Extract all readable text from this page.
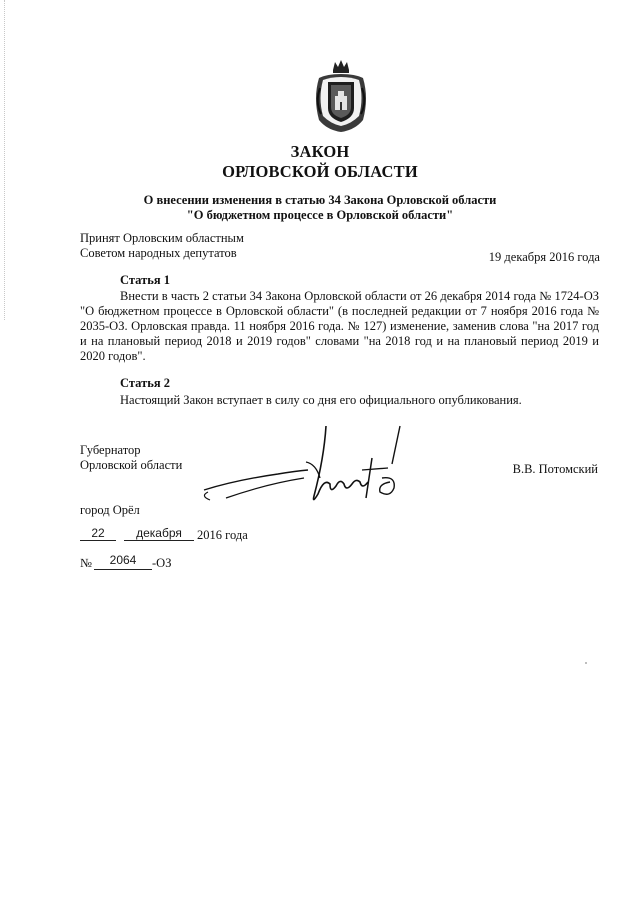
ЗАКОН
ОРЛОВСКОЙ ОБЛАСТИ
О внесении изменения в статью 34 Закона Орловской области
"О бюджетном процессе в Орловской области"
Принят Орловским областным
Советом народных депутатов	19 декабря 2016 года
Статья 1
Внести в часть 2 статьи 34 Закона Орловской области от 26 декабря 2014 года № 1724-ОЗ "О бюджетном процессе в Орловской области" (в последней редакции от 7 ноября 2016 года № 2035-ОЗ. Орловская правда. 11 ноября 2016 года. № 127) изменение, заменив слова "на 2017 год и на плановый период 2018 и 2019 годов" словами "на 2018 год и на плановый период 2019 и 2020 годов".
Статья 2
Настоящий Закон вступает в силу со дня его официального опубликования.
Губернатор
Орловской области	В.В. Потомский
город Орёл
22	декабря	2016 года
№	2064	-ОЗ
